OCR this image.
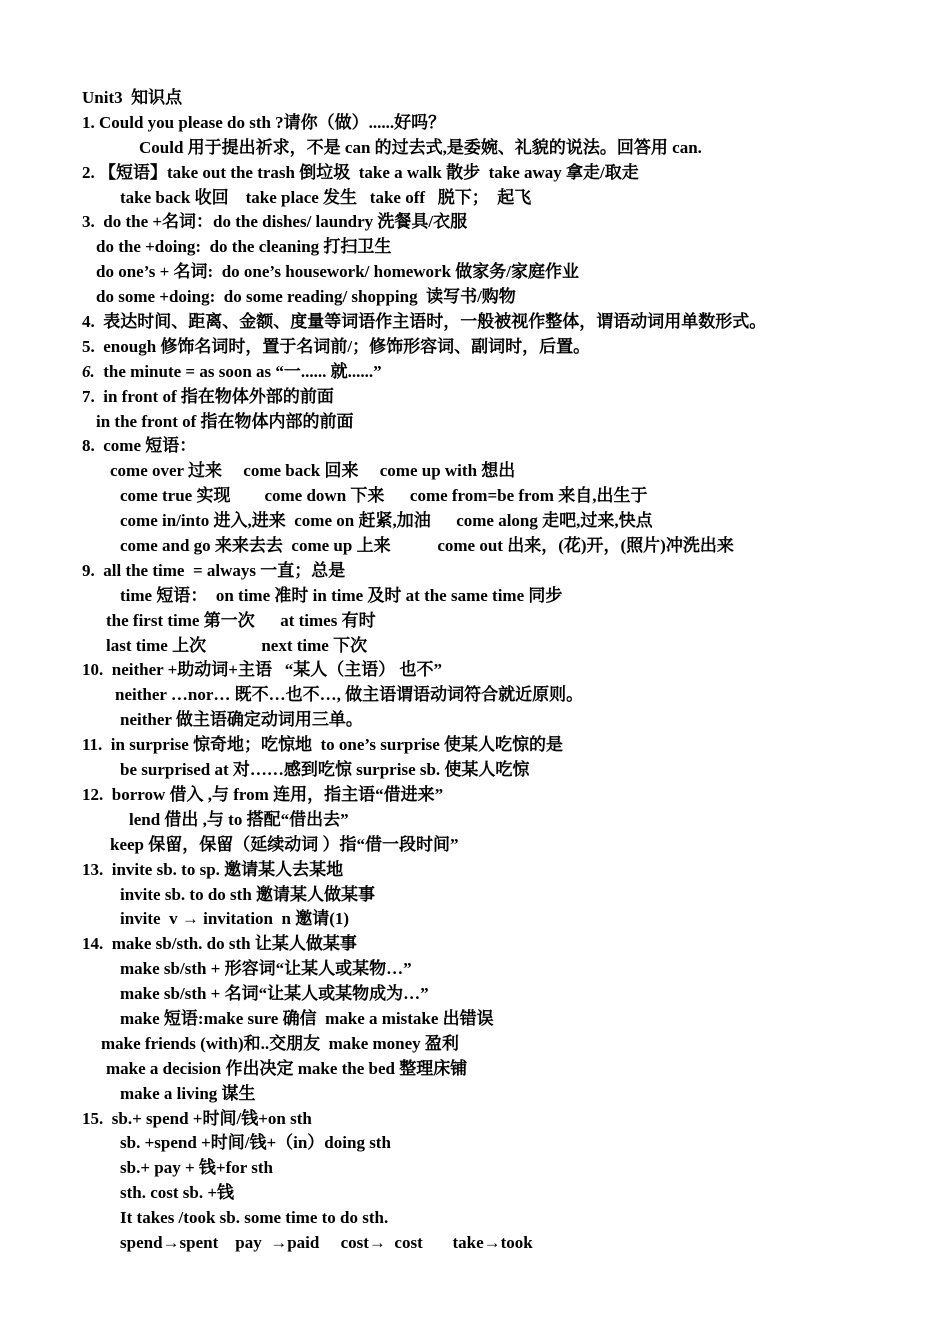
Unit3  知识点
1. Could you please do sth ?请你（做）......好吗？
Could 用于提出祈求，不是 can 的过去式,是委婉、礼貌的说法。回答用 can.
2. 【短语】take out the trash 倒垃圾  take a walk 散步  take away 拿走/取走
take back 收回    take place 发生   take off   脱下；  起飞
3.  do the +名词：do the dishes/ laundry 洗餐具/衣服
do the +doing:  do the cleaning 打扫卫生
do one’s + 名词:  do one’s housework/ homework 做家务/家庭作业
do some +doing:  do some reading/ shopping  读写书/购物
4.  表达时间、距离、金额、度量等词语作主语时，一般被视作整体，谓语动词用单数形式。
5.  enough 修饰名词时，置于名词前/；修饰形容词、副词时，后置。
6.  the minute = as soon as “一...... 就......”
7.  in front of 指在物体外部的前面
in the front of 指在物体内部的前面
8.  come 短语：
come over 过来     come back 回来     come up with 想出
come true 实现        come down 下来      come from=be from 来自,出生于
come in/into 进入,进来  come on 赶紧,加油      come along 走吧,过来,快点
come and go 来来去去  come up 上来           come out 出来，(花)开，(照片)冲洗出来
9.  all the time  = always 一直；总是
time 短语：  on time 准时 in time 及时 at the same time 同步
the first time 第一次      at times 有时
last time 上次             next time 下次
10.  neither +助动词+主语   “某人（主语） 也不”
neither …nor… 既不…也不…, 做主语谓语动词符合就近原则。
neither 做主语确定动词用三单。
11.  in surprise 惊奇地；吃惊地  to one’s surprise 使某人吃惊的是
be surprised at 对……感到吃惊 surprise sb. 使某人吃惊
12.  borrow 借入 ,与 from 连用，指主语“借进来”
lend 借出 ,与 to 搭配“借出去”
keep 保留，保留（延续动词 ）指“借一段时间”
13.  invite sb. to sp. 邀请某人去某地
invite sb. to do sth 邀请某人做某事
invite  v → invitation  n 邀请(1)
14.  make sb/sth. do sth 让某人做某事
make sb/sth + 形容词“让某人或某物…”
make sb/sth + 名词“让某人或某物成为…”
make 短语:make sure 确信  make a mistake 出错误
make friends (with)和..交朋友  make money 盈利
make a decision 作出决定 make the bed 整理床铺
make a living 谋生
15.  sb.+ spend +时间/钱+on sth
sb. +spend +时间/钱+（in）doing sth
sb.+ pay + 钱+for sth
sth. cost sb. +钱
It takes /took sb. some time to do sth.
spend→spent    pay  →paid     cost→  cost       take→took
